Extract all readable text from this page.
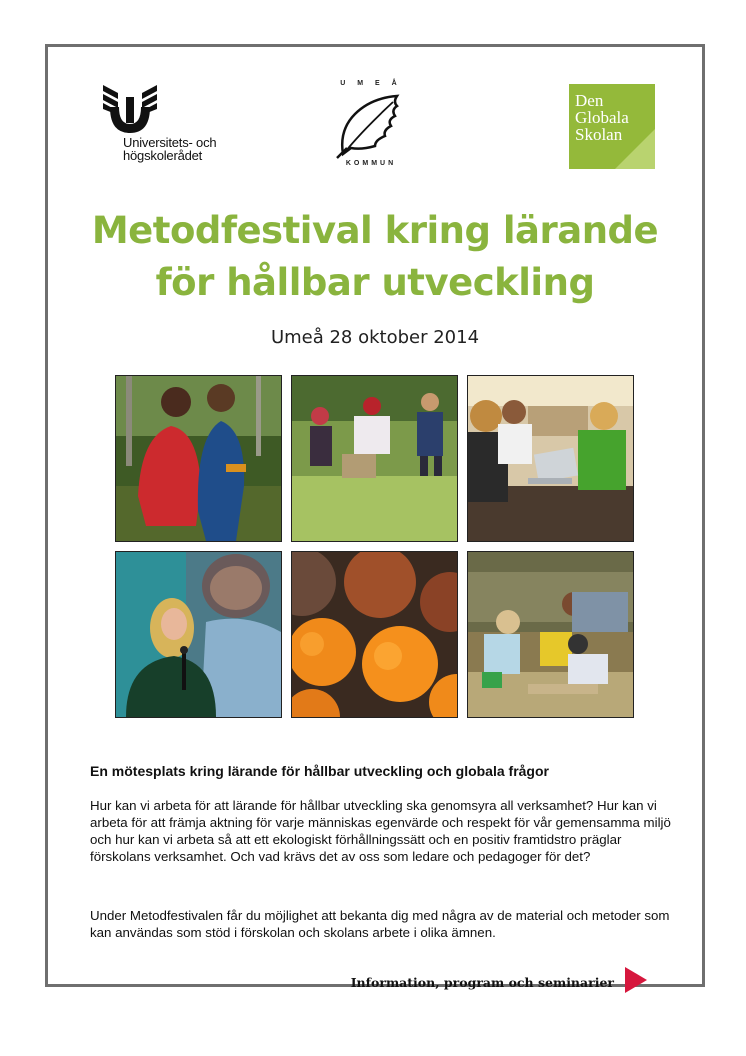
Universitets- och
högskolerådet
U M E Å
KOMMUN
Den
Globala
Skolan
Metodfestival kring lärande
för hållbar utveckling
Umeå 28 oktober 2014
En mötesplats kring lärande för hållbar utveckling och globala frågor

Hur kan vi arbeta för att lärande för hållbar utveckling ska genomsyra all verksamhet? Hur kan vi arbeta för att främja aktning för varje människas egenvärde och respekt för vår gemensamma miljö och hur kan vi arbeta så att ett ekologiskt förhållningssätt och en positiv framtidstro präglar förskolans verksamhet. Och vad krävs det av oss som ledare och pedagoger för det?

Under Metodfestivalen får du möjlighet att bekanta dig med några av de material och metoder som kan användas som stöd i förskolan och skolans arbete i olika ämnen.

Information, program och seminarier
